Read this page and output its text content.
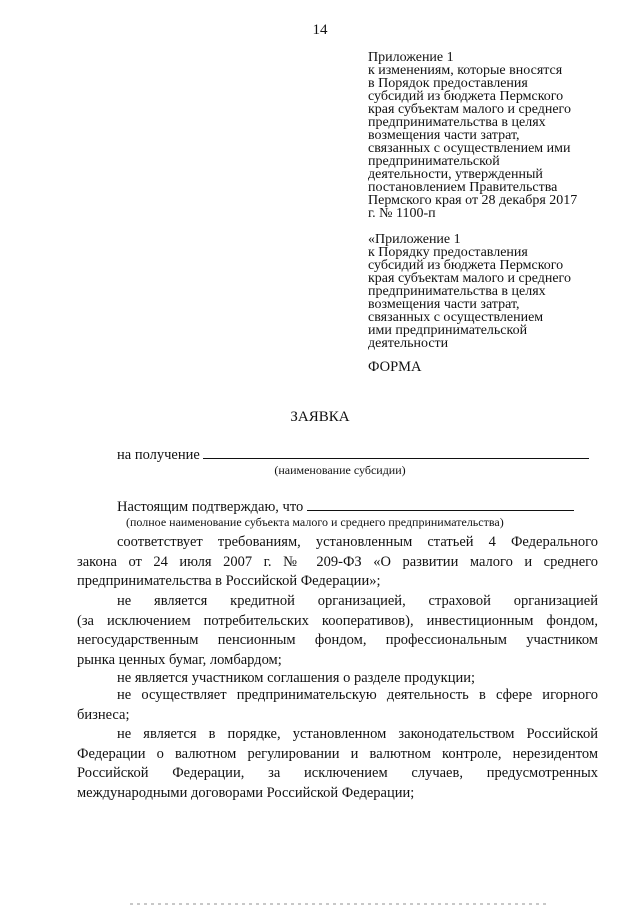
14
Приложение 1
к изменениям, которые вносятся
в Порядок предоставления
субсидий из бюджета Пермского
края субъектам малого и среднего
предпринимательства в целях
возмещения части затрат,
связанных с осуществлением ими
предпринимательской
деятельности, утвержденный
постановлением Правительства
Пермского края от 28 декабря 2017
г. № 1100-п
«Приложение 1
к Порядку предоставления
субсидий из бюджета Пермского
края субъектам малого и среднего
предпринимательства в целях
возмещения части затрат,
связанных с осуществлением
ими предпринимательской
деятельности
ФОРМА
ЗАЯВКА
на получение
(наименование субсидии)
Настоящим подтверждаю, что
(полное наименование субъекта малого и среднего предпринимательства)
соответствует требованиям, установленным статьей 4 Федерального
закона от 24 июля 2007 г. № 209-ФЗ «О развитии малого и среднего
предпринимательства в Российской Федерации»;
не является кредитной организацией, страховой организацией
(за исключением потребительских кооперативов), инвестиционным фондом,
негосударственным пенсионным фондом, профессиональным участником
рынка ценных бумаг, ломбардом;
не является участником соглашения о разделе продукции;
не осуществляет предпринимательскую деятельность в сфере игорного
бизнеса;
не является в порядке, установленном законодательством Российской
Федерации о валютном регулировании и валютном контроле, нерезидентом
Российской Федерации, за исключением случаев, предусмотренных
международными договорами Российской Федерации;
